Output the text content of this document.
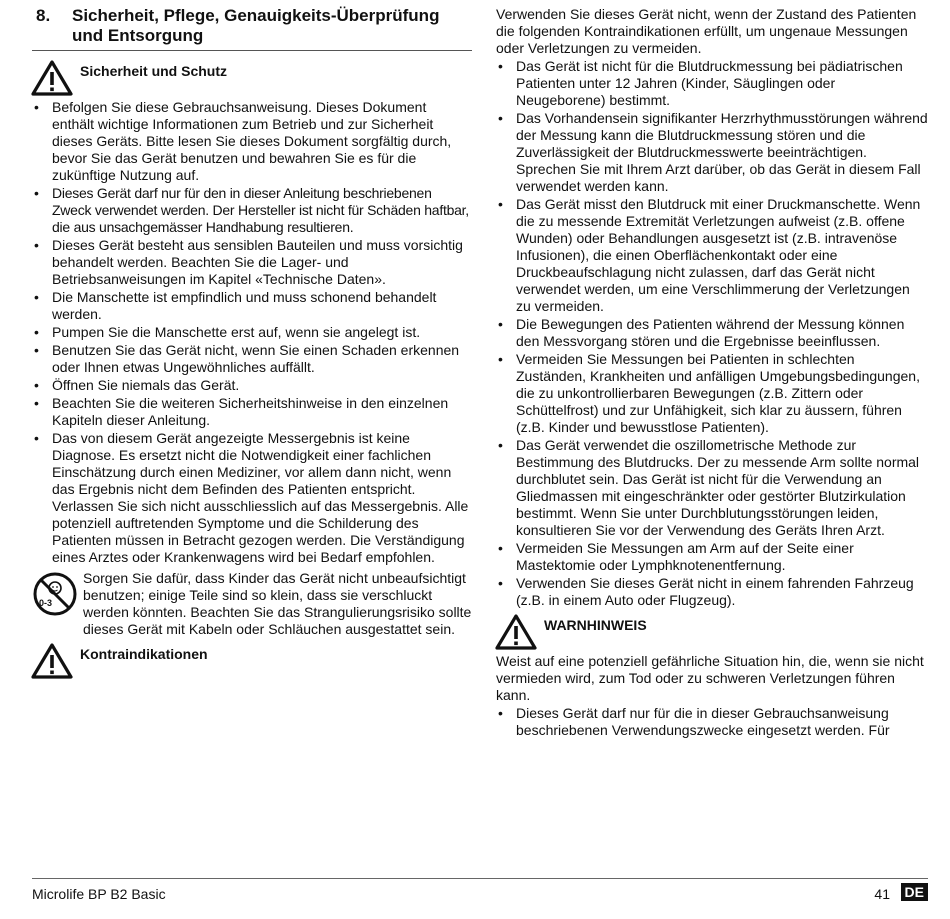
8.	Sicherheit, Pflege, Genauigkeits-Überprüfung
und Entsorgung
Sicherheit und Schutz
• Befolgen Sie diese Gebrauchsanweisung. Dieses Dokument enthält wichtige Informationen zum Betrieb und zur Sicherheit dieses Geräts. Bitte lesen Sie dieses Dokument sorgfältig durch, bevor Sie das Gerät benutzen und bewahren Sie es für die zukünftige Nutzung auf.
• Dieses Gerät darf nur für den in dieser Anleitung beschriebenen Zweck verwendet werden. Der Hersteller ist nicht für Schäden haftbar, die aus unsachgemässer Handhabung resultieren.
• Dieses Gerät besteht aus sensiblen Bauteilen und muss vorsichtig behandelt werden. Beachten Sie die Lager- und Betriebsanweisungen im Kapitel «Technische Daten».
• Die Manschette ist empfindlich und muss schonend behandelt werden.
• Pumpen Sie die Manschette erst auf, wenn sie angelegt ist.
• Benutzen Sie das Gerät nicht, wenn Sie einen Schaden erkennen oder Ihnen etwas Ungewöhnliches auffällt.
• Öffnen Sie niemals das Gerät.
• Beachten Sie die weiteren Sicherheitshinweise in den einzelnen Kapiteln dieser Anleitung.
• Das von diesem Gerät angezeigte Messergebnis ist keine Diagnose. Es ersetzt nicht die Notwendigkeit einer fachlichen Einschätzung durch einen Mediziner, vor allem dann nicht, wenn das Ergebnis nicht dem Befinden des Patienten entspricht. Verlassen Sie sich nicht ausschliesslich auf das Messergebnis. Alle potenziell auftretenden Symptome und die Schilderung des Patienten müssen in Betracht gezogen werden. Die Verständigung eines Arztes oder Krankenwagens wird bei Bedarf empfohlen.
0-3

Sorgen Sie dafür, dass Kinder das Gerät nicht unbeaufsichtigt benutzen; einige Teile sind so klein, dass sie verschluckt werden könnten. Beachten Sie das Strangulierungsrisiko sollte dieses Gerät mit Kabeln oder Schläuchen ausgestattet sein.

Kontraindikationen

Verwenden Sie dieses Gerät nicht, wenn der Zustand des Patienten die folgenden Kontraindikationen erfüllt, um ungenaue Messungen oder Verletzungen zu vermeiden.

• Das Gerät ist nicht für die Blutdruckmessung bei pädiatrischen Patienten unter 12 Jahren (Kinder, Säuglingen oder Neugeborene) bestimmt.
• Das Vorhandensein signifikanter Herzrhythmusstörungen während der Messung kann die Blutdruckmessung stören und die Zuverlässigkeit der Blutdruckmesswerte beeinträchtigen. Sprechen Sie mit Ihrem Arzt darüber, ob das Gerät in diesem Fall verwendet werden kann.
• Das Gerät misst den Blutdruck mit einer Druckmanschette. Wenn die zu messende Extremität Verletzungen aufweist (z.B. offene Wunden) oder Behandlungen ausgesetzt ist (z.B. intravenöse Infusionen), die einen Oberflächenkontakt oder eine Druckbeaufschlagung nicht zulassen, darf das Gerät nicht verwendet werden, um eine Verschlimmerung der Verletzungen zu vermeiden.
• Die Bewegungen des Patienten während der Messung können den Messvorgang stören und die Ergebnisse beeinflussen.
• Vermeiden Sie Messungen bei Patienten in schlechten Zuständen, Krankheiten und anfälligen Umgebungsbedingungen, die zu unkontrollierbaren Bewegungen (z.B. Zittern oder Schüttelfrost) und zur Unfähigkeit, sich klar zu äussern, führen (z.B. Kinder und bewusstlose Patienten).
• Das Gerät verwendet die oszillometrische Methode zur Bestimmung des Blutdrucks. Der zu messende Arm sollte normal durchblutet sein. Das Gerät ist nicht für die Verwendung an Gliedmassen mit eingeschränkter oder gestörter Blutzirkulation bestimmt. Wenn Sie unter Durchblutungsstörungen leiden, konsultieren Sie vor der Verwendung des Geräts Ihren Arzt.
• Vermeiden Sie Messungen am Arm auf der Seite einer Mastektomie oder Lymphknotenentfernung.
• Verwenden Sie dieses Gerät nicht in einem fahrenden Fahrzeug (z.B. in einem Auto oder Flugzeug).
WARNHINWEIS

Weist auf eine potenziell gefährliche Situation hin, die, wenn sie nicht vermieden wird, zum Tod oder zu schweren Verletzungen führen kann.

• Dieses Gerät darf nur für die in dieser Gebrauchsanweisung beschriebenen Verwendungszwecke eingesetzt werden. Für
Microlife BP B2 Basic	41 DE
